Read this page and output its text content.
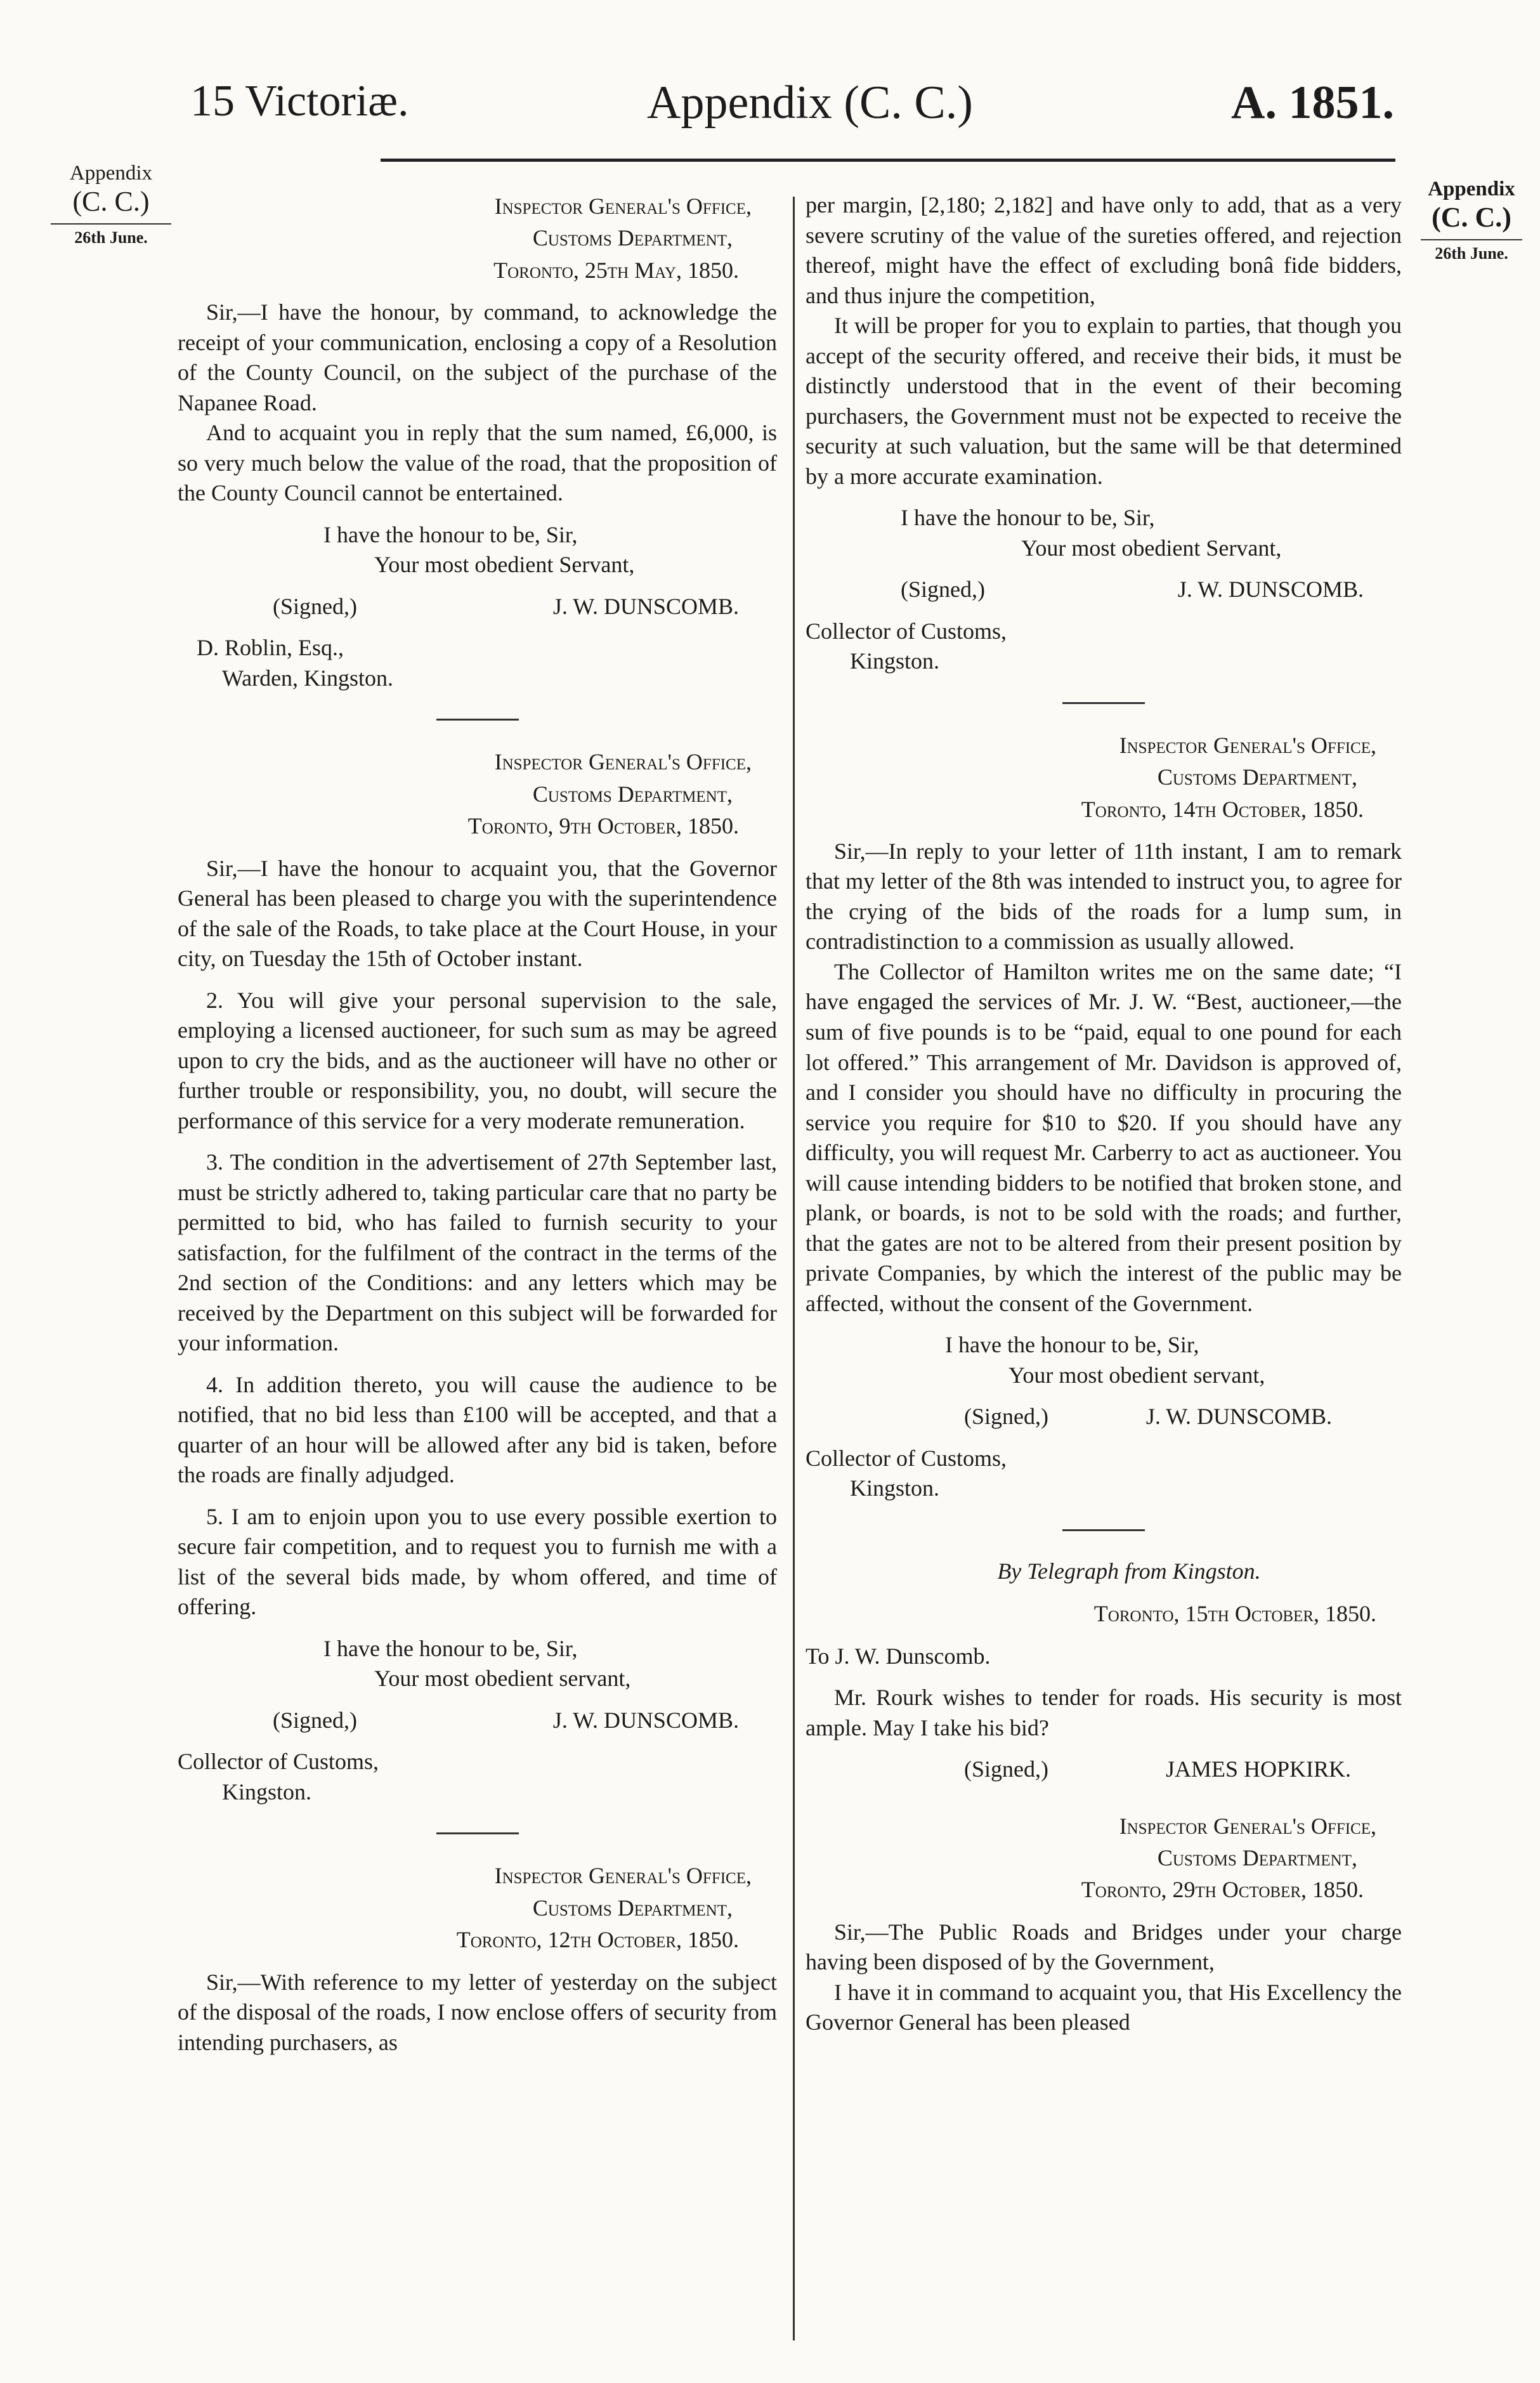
15 Victoriæ.	Appendix (C. C.)	A. 1851.
Appendix
(C. C.)
26th June.
Appendix
(C. C.)
26th June.
Inspector General's Office,
Customs Department,
Toronto, 25th May, 1850.

Sir,—I have the honour, by command, to acknowledge the receipt of your communication, enclosing a copy of a Resolution of the County Council, on the subject of the purchase of the Napanee Road.

And to acquaint you in reply that the sum named, £6,000, is so very much below the value of the road, that the proposition of the County Council cannot be entertained.

I have the honour to be, Sir,
Your most obedient Servant,
(Signed,)	J. W. DUNSCOMB.
D. Roblin, Esq.,
Warden, Kingston.
Inspector General's Office,
Customs Department,
Toronto, 9th October, 1850.

Sir,—I have the honour to acquaint you, that the Governor General has been pleased to charge you with the superintendence of the sale of the Roads, to take place at the Court House, in your city, on Tuesday the 15th of October instant.

2. You will give your personal supervision to the sale, employing a licensed auctioneer, for such sum as may be agreed upon to cry the bids, and as the auctioneer will have no other or further trouble or responsibility, you, no doubt, will secure the performance of this service for a very moderate remuneration.

3. The condition in the advertisement of 27th September last, must be strictly adhered to, taking particular care that no party be permitted to bid, who has failed to furnish security to your satisfaction, for the fulfilment of the contract in the terms of the 2nd section of the Conditions: and any letters which may be received by the Department on this subject will be forwarded for your information.

4. In addition thereto, you will cause the audience to be notified, that no bid less than £100 will be accepted, and that a quarter of an hour will be allowed after any bid is taken, before the roads are finally adjudged.

5. I am to enjoin upon you to use every possible exertion to secure fair competition, and to request you to furnish me with a list of the several bids made, by whom offered, and time of offering.

I have the honour to be, Sir,
Your most obedient servant,
(Signed,)	J. W. DUNSCOMB.
Collector of Customs,
Kingston.
Inspector General's Office,
Customs Department,
Toronto, 12th October, 1850.

Sir,—With reference to my letter of yesterday on the subject of the disposal of the roads, I now enclose offers of security from intending purchasers, as

per margin, [2,180; 2,182] and have only to add, that as a very severe scrutiny of the value of the sureties offered, and rejection thereof, might have the effect of excluding bonâ fide bidders, and thus injure the competition,

It will be proper for you to explain to parties, that though you accept of the security offered, and receive their bids, it must be distinctly understood that in the event of their becoming purchasers, the Government must not be expected to receive the security at such valuation, but the same will be that determined by a more accurate examination.

I have the honour to be, Sir,
Your most obedient Servant,
(Signed,)	J. W. DUNSCOMB.
Collector of Customs,
Kingston.
Inspector General's Office,
Customs Department,
Toronto, 14th October, 1850.

Sir,—In reply to your letter of 11th instant, I am to remark that my letter of the 8th was intended to instruct you, to agree for the crying of the bids of the roads for a lump sum, in contradistinction to a commission as usually allowed.

The Collector of Hamilton writes me on the same date; “I have engaged the services of Mr. J. W. “Best, auctioneer,—the sum of five pounds is to be “paid, equal to one pound for each lot offered.” This arrangement of Mr. Davidson is approved of, and I consider you should have no difficulty in procuring the service you require for $10 to $20. If you should have any difficulty, you will request Mr. Carberry to act as auctioneer. You will cause intending bidders to be notified that broken stone, and plank, or boards, is not to be sold with the roads; and further, that the gates are not to be altered from their present position by private Companies, by which the interest of the public may be affected, without the consent of the Government.

I have the honour to be, Sir,
Your most obedient servant,
(Signed,)	J. W. DUNSCOMB.
Collector of Customs,
Kingston.
By Telegraph from Kingston.
Toronto, 15th October, 1850.
To J. W. Dunscomb.

Mr. Rourk wishes to tender for roads. His security is most ample. May I take his bid?

(Signed,)	JAMES HOPKIRK.
Inspector General's Office,
Customs Department,
Toronto, 29th October, 1850.

Sir,—The Public Roads and Bridges under your charge having been disposed of by the Government,

I have it in command to acquaint you, that His Excellency the Governor General has been pleased
